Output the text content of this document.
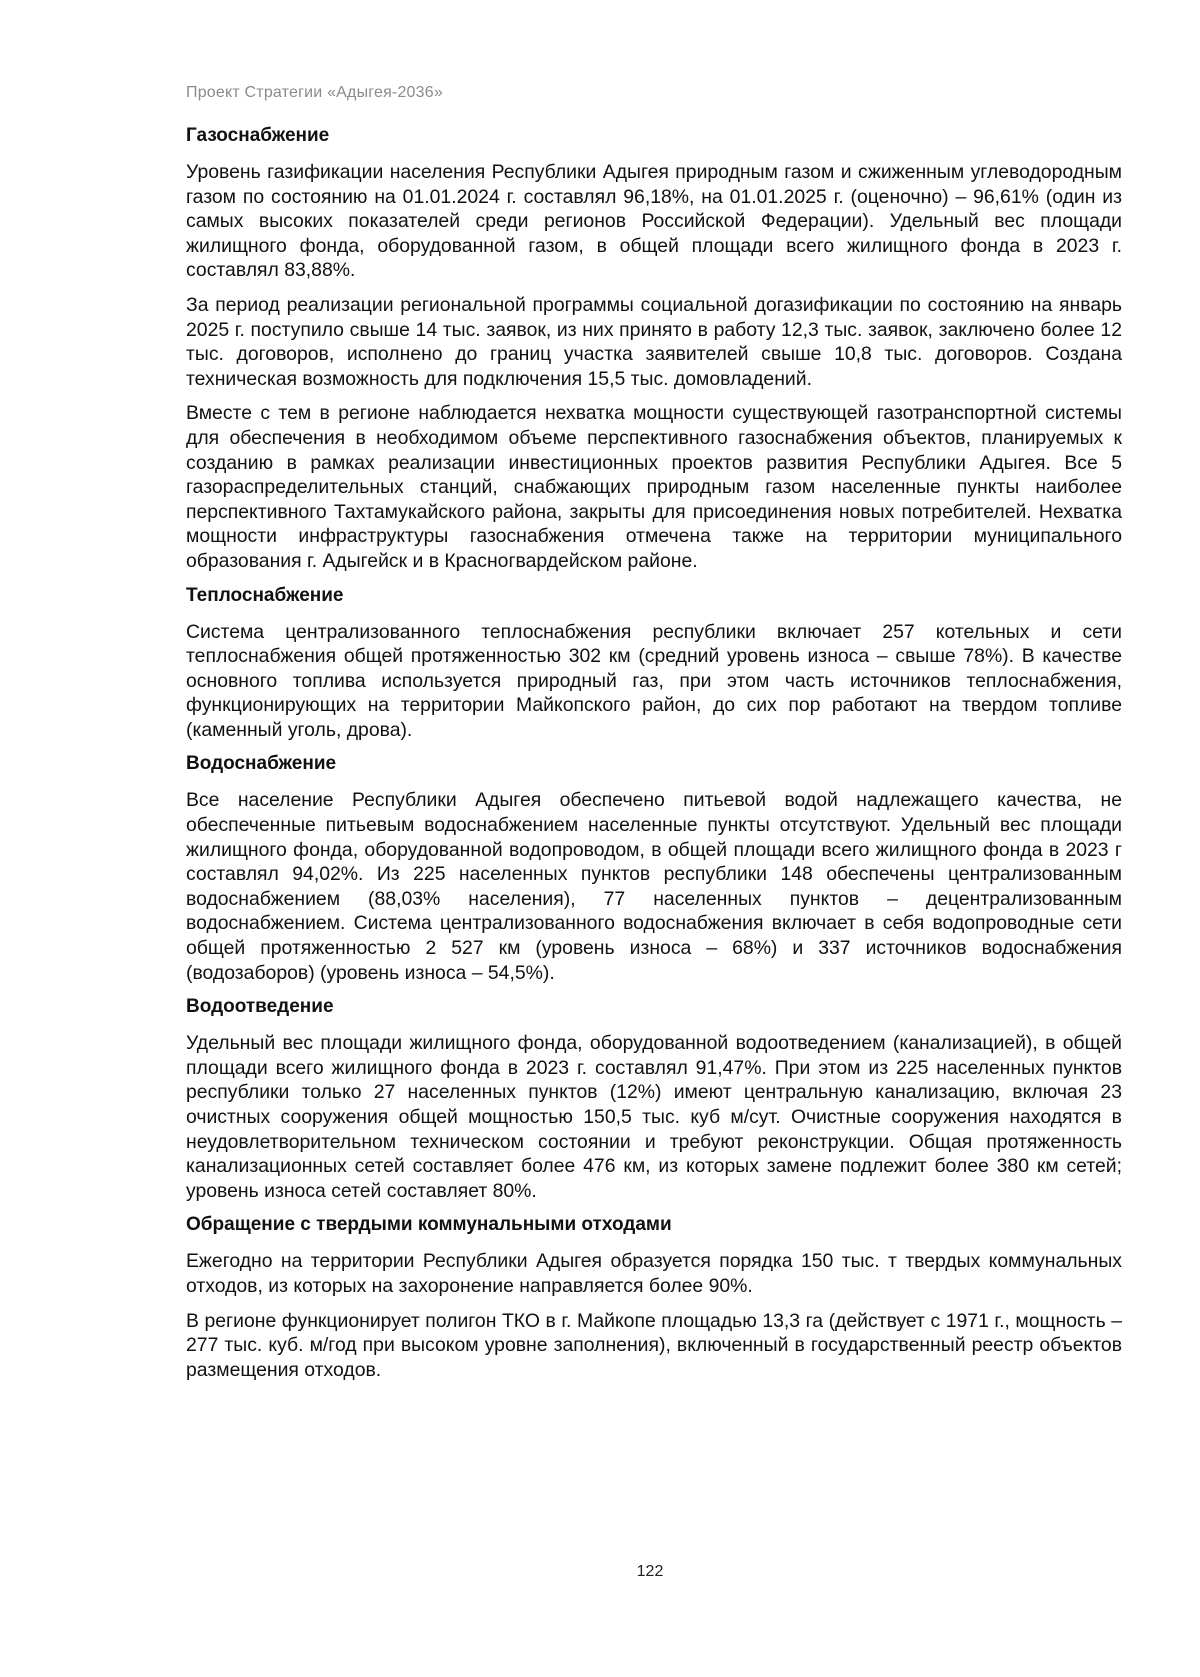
Проект Стратегии «Адыгея-2036»
Газоснабжение

Уровень газификации населения Республики Адыгея природным газом и сжиженным углеводородным газом по состоянию на 01.01.2024 г. составлял 96,18%, на 01.01.2025 г. (оценочно) – 96,61% (один из самых высоких показателей среди регионов Российской Федерации). Удельный вес площади жилищного фонда, оборудованной газом, в общей площади всего жилищного фонда в 2023 г. составлял 83,88%.

За период реализации региональной программы социальной догазификации по состоянию на январь 2025 г. поступило свыше 14 тыс. заявок, из них принято в работу 12,3 тыс. заявок, заключено более 12 тыс. договоров, исполнено до границ участка заявителей свыше 10,8 тыс. договоров. Создана техническая возможность для подключения 15,5 тыс. домовладений.

Вместе с тем в регионе наблюдается нехватка мощности существующей газотранспортной системы для обеспечения в необходимом объеме перспективного газоснабжения объектов, планируемых к созданию в рамках реализации инвестиционных проектов развития Республики Адыгея. Все 5 газораспределительных станций, снабжающих природным газом населенные пункты наиболее перспективного Тахтамукайского района, закрыты для присоединения новых потребителей. Нехватка мощности инфраструктуры газоснабжения отмечена также на территории муниципального образования г. Адыгейск и в Красногвардейском районе.

Теплоснабжение

Система централизованного теплоснабжения республики включает 257 котельных и сети теплоснабжения общей протяженностью 302 км (средний уровень износа – свыше 78%). В качестве основного топлива используется природный газ, при этом часть источников теплоснабжения, функционирующих на территории Майкопского район, до сих пор работают на твердом топливе (каменный уголь, дрова).

Водоснабжение

Все население Республики Адыгея обеспечено питьевой водой надлежащего качества, не обеспеченные питьевым водоснабжением населенные пункты отсутствуют. Удельный вес площади жилищного фонда, оборудованной водопроводом, в общей площади всего жилищного фонда в 2023 г составлял 94,02%. Из 225 населенных пунктов республики 148 обеспечены централизованным водоснабжением (88,03% населения), 77 населенных пунктов – децентрализованным водоснабжением. Система централизованного водоснабжения включает в себя водопроводные сети общей протяженностью 2 527 км (уровень износа – 68%) и 337 источников водоснабжения (водозаборов) (уровень износа – 54,5%).

Водоотведение

Удельный вес площади жилищного фонда, оборудованной водоотведением (канализацией), в общей площади всего жилищного фонда в 2023 г. составлял 91,47%. При этом из 225 населенных пунктов республики только 27 населенных пунктов (12%) имеют центральную канализацию, включая 23 очистных сооружения общей мощностью 150,5 тыс. куб м/сут. Очистные сооружения находятся в неудовлетворительном техническом состоянии и требуют реконструкции. Общая протяженность канализационных сетей составляет более 476 км, из которых замене подлежит более 380 км сетей; уровень износа сетей составляет 80%.

Обращение с твердыми коммунальными отходами

Ежегодно на территории Республики Адыгея образуется порядка 150 тыс. т твердых коммунальных отходов, из которых на захоронение направляется более 90%.

В регионе функционирует полигон ТКО в г. Майкопе площадью 13,3 га (действует с 1971 г., мощность – 277 тыс. куб. м/год при высоком уровне заполнения), включенный в государственный реестр объектов размещения отходов.

122
